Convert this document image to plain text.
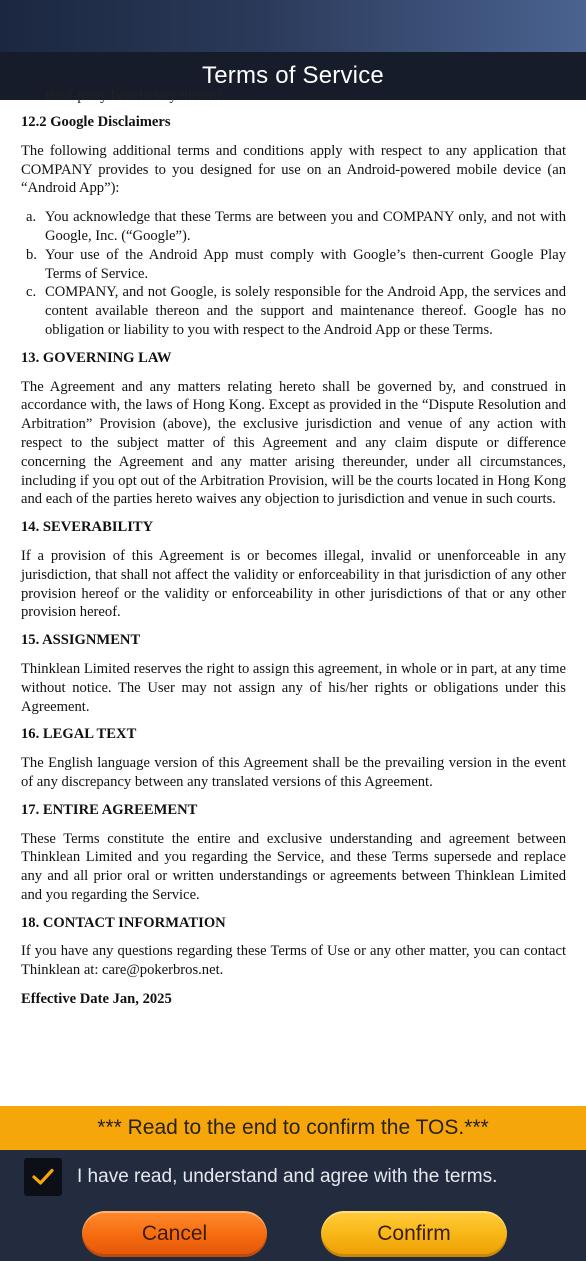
Terms of Service
third-party beneficiary thereof.
12.2 Google Disclaimers

The following additional terms and conditions apply with respect to any application that COMPANY provides to you designed for use on an Android-powered mobile device (an “Android App”):

a. You acknowledge that these Terms are between you and COMPANY only, and not with Google, Inc. (“Google”).
b. Your use of the Android App must comply with Google’s then-current Google Play Terms of Service.
c. COMPANY, and not Google, is solely responsible for the Android App, the services and content available thereon and the support and maintenance thereof. Google has no obligation or liability to you with respect to the Android App or these Terms.
13. GOVERNING LAW

The Agreement and any matters relating hereto shall be governed by, and construed in accordance with, the laws of Hong Kong. Except as provided in the “Dispute Resolution and Arbitration” Provision (above), the exclusive jurisdiction and venue of any action with respect to the subject matter of this Agreement and any claim dispute or difference concerning the Agreement and any matter arising thereunder, under all circumstances, including if you opt out of the Arbitration Provision, will be the courts located in Hong Kong and each of the parties hereto waives any objection to jurisdiction and venue in such courts.

14. SEVERABILITY

If a provision of this Agreement is or becomes illegal, invalid or unenforceable in any jurisdiction, that shall not affect the validity or enforceability in that jurisdiction of any other provision hereof or the validity or enforceability in other jurisdictions of that or any other provision hereof.

15. ASSIGNMENT

Thinklean Limited reserves the right to assign this agreement, in whole or in part, at any time without notice. The User may not assign any of his/her rights or obligations under this Agreement.

16. LEGAL TEXT

The English language version of this Agreement shall be the prevailing version in the event of any discrepancy between any translated versions of this Agreement.

17. ENTIRE AGREEMENT

These Terms constitute the entire and exclusive understanding and agreement between Thinklean Limited and you regarding the Service, and these Terms supersede and replace any and all prior oral or written understandings or agreements between Thinklean Limited and you regarding the Service.

18. CONTACT INFORMATION

If you have any questions regarding these Terms of Use or any other matter, you can contact Thinklean at: care@pokerbros.net.

Effective Date Jan, 2025

*** Read to the end to confirm the TOS.***
I have read, understand and agree with the terms.
Cancel	Confirm
